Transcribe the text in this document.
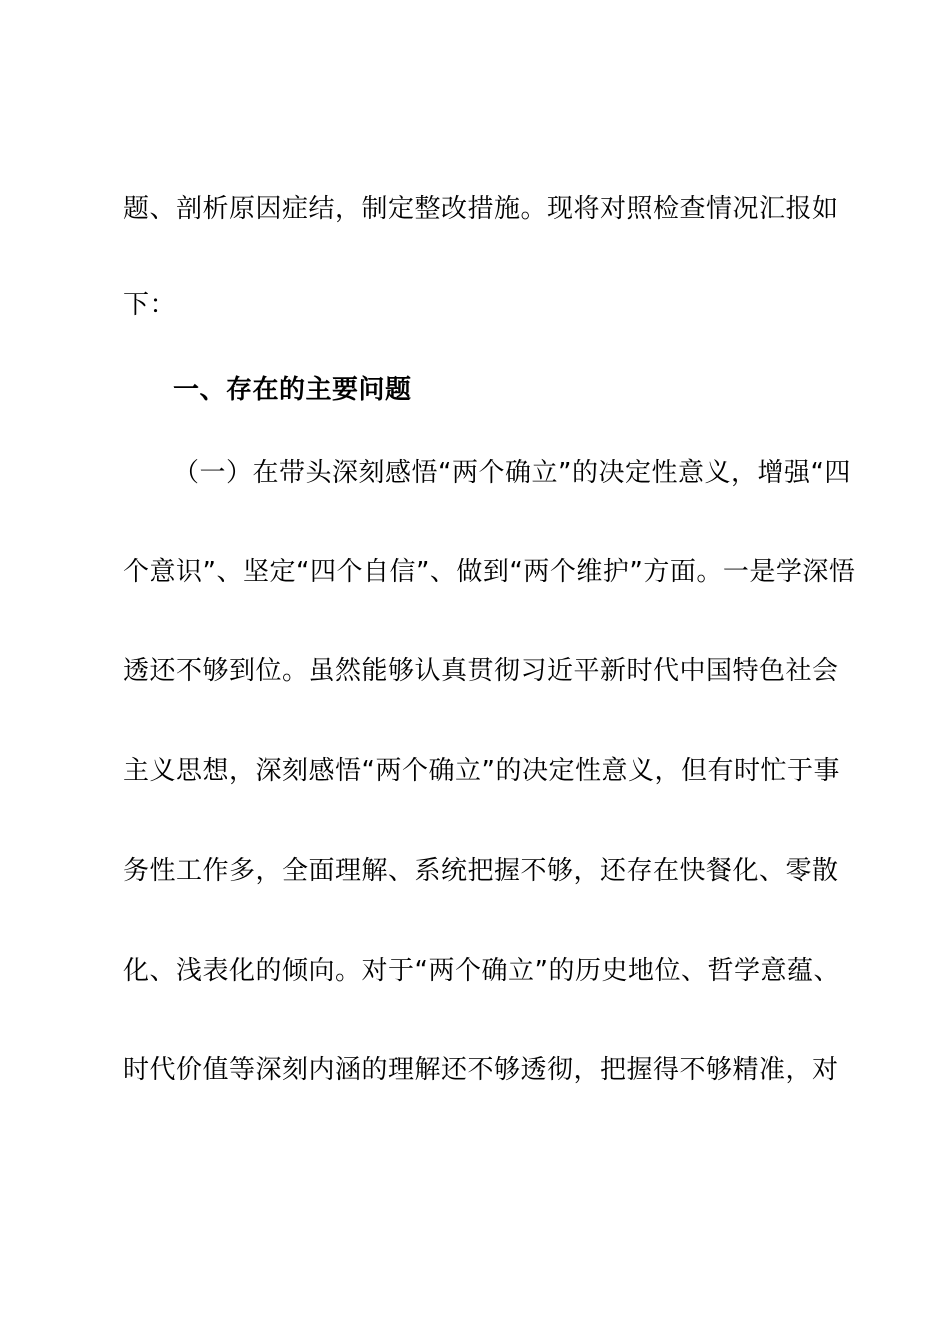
题、剖析原因症结，制定整改措施。现将对照检查情况汇报如
下：
一、存在的主要问题
（一）在带头深刻感悟“两个确立”的决定性意义，增强“四
个意识”、坚定“四个自信”、做到“两个维护”方面。一是学深悟
透还不够到位。虽然能够认真贯彻习近平新时代中国特色社会
主义思想，深刻感悟“两个确立”的决定性意义，但有时忙于事
务性工作多，全面理解、系统把握不够，还存在快餐化、零散
化、浅表化的倾向。对于“两个确立”的历史地位、哲学意蕴、
时代价值等深刻内涵的理解还不够透彻，把握得不够精准，对
